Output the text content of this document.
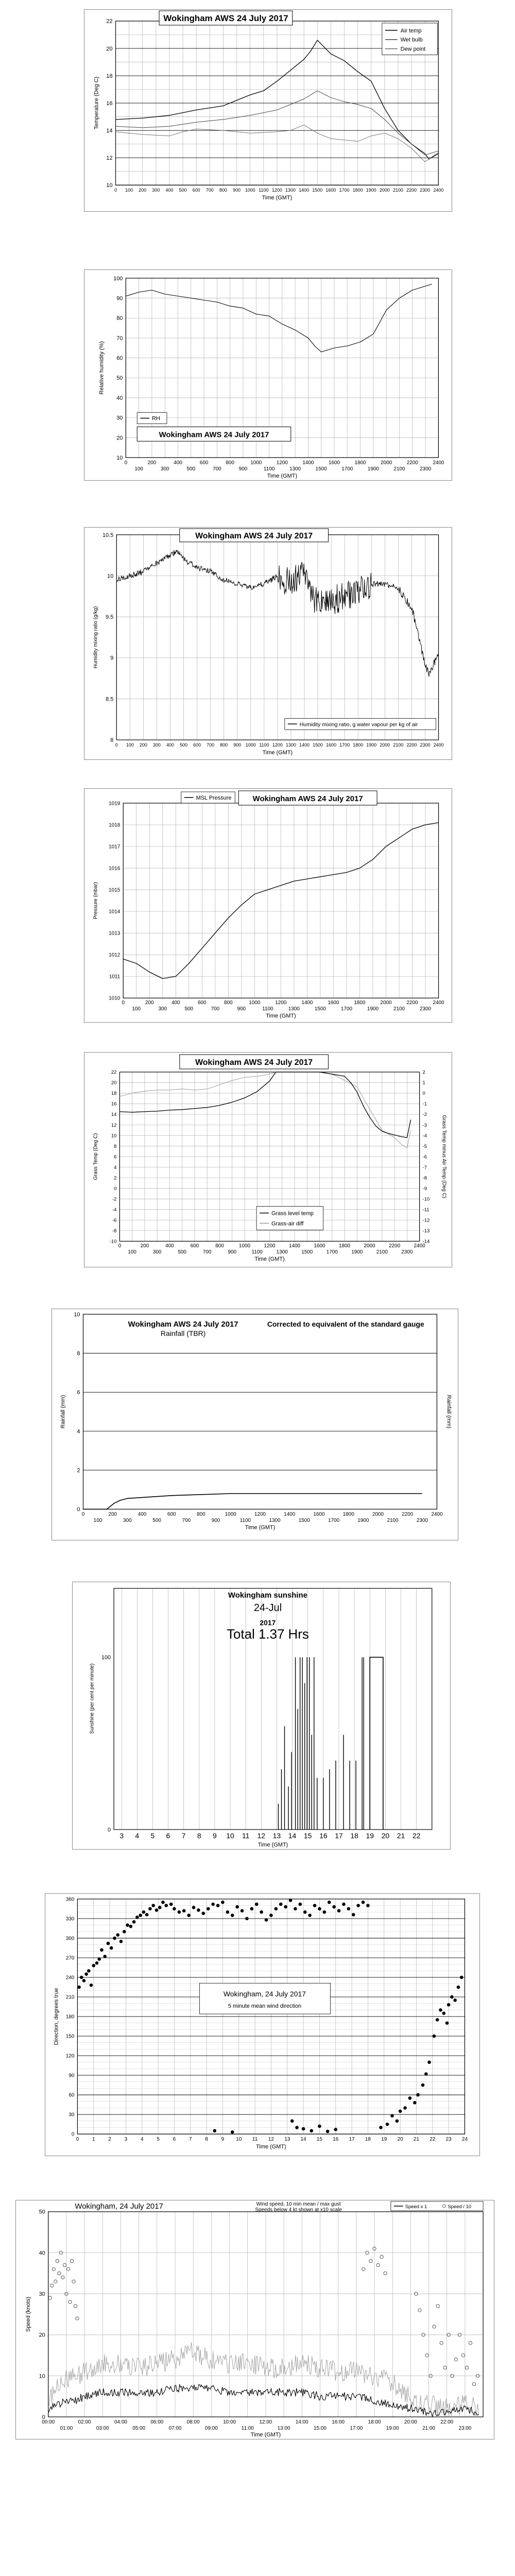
0 100 200 300 400 500 600 700 800 900 1000 1100 1200 1300 1400 1500 1600 1700 1800 1900 2000 2100 2200 2300 2400
10
12
14
16
18
20
22
Time (GMT)
Temperature (Deg C)
Wokingham AWS 24 July 2017
Air temp
Wet bulb
Dew point
0	200	400	600	800	1000	1200	1400	1600	1800	2000	2200	2400
100	300	500	700	900	1100	1300	1500	1700	1900	2100	2300
10
20
30
40
50
60
70
80
90
100
Time (GMT)
Relative humidity (%)
RH
Wokingham AWS 24 July 2017
0 100 200 300 400 500 600 700 800 900 1000 1100 1200 1300 1400 1500 1600 1700 1800 1900 2000 2100 2200 2300 2400
8
8.5
9
9.5
10
10.5
Time (GMT)
Humidity mixing ratio (g/kg)
Wokingham AWS 24 July 2017
Humidity mixing ratio, g water vapour per kg of air
0	200	400	600	800	1000	1200	1400	1600	1800	2000	2200	2400
100	300	500	700	900	1100	1300	1500	1700	1900	2100	2300
1010
1011
1012
1013
1014
1015
1016
1017
1018
1019
Time (GMT)
Pressure (mbar)
MSL Pressure	Wokingham AWS 24 July 2017
0	200	400	600	800	1000	1200	1400	1600	1800	2000	2200	2400
100	300	500	700	900	1100	1300	1500	1700	1900	2100	2300
-10
-8
-6
-4
-2
0
2
4
6
8
10
12
14
16
18
20
22
-14
-13
-12
-11
-10
-9
-8
-7
-6
-5
-4
-3
-2
-1
0
1
2
Time (GMT)
Grass Temp (Deg C)	Grass Temp minus Air Temp (Deg C)
Wokingham AWS 24 July 2017
Grass level temp
Grass-air diff
0	200	400	600	800	1000	1200	1400	1600	1800	2000	2200	2400
100	300	500	700	900	1100	1300	1500	1700	1900	2100	2300
0
2
4
6
8
10
Time (GMT)
Rainfall (mm)	Rainfall (mm)
Wokingham AWS 24 July 2017
Rainfall (TBR)
Corrected to equivalent of the standard gauge
3 4 5 6 7 8 9 10 11 12 13 14 15 16 17 18 19 20 21 22
0
100
Time (GMT)
Sunshine (per cent per minute)
Wokingham sunshine
24-Jul
2017
Total 1.37 Hrs
0	1	2	3	4	5	6	7	8	9 10 11 12 13 14 15 16 17 18 19 20 21 22 23 24
0
30
60
90
120
150
180
210
240
270
300
330
360
Time (GMT)
Direction, degrees true	Wokingham, 24 July 2017
5 minute mean wind direction
00:00
01:00
02:00
03:00
04:00
05:00
06:00
07:00
08:00
09:00
10:00
11:00
12:00
13:00
14:00
15:00
16:00
17:00
18:00
19:00
20:00
21:00
22:00
23:00
0
10
20
30
40
50
Time (GMT)
Speed (knots)
Wokingham, 24 July 2017	Wind speed, 10 min mean / max gust
Speeds below 4 kt shown at x10 scale
Speed x 1	Speed / 10
